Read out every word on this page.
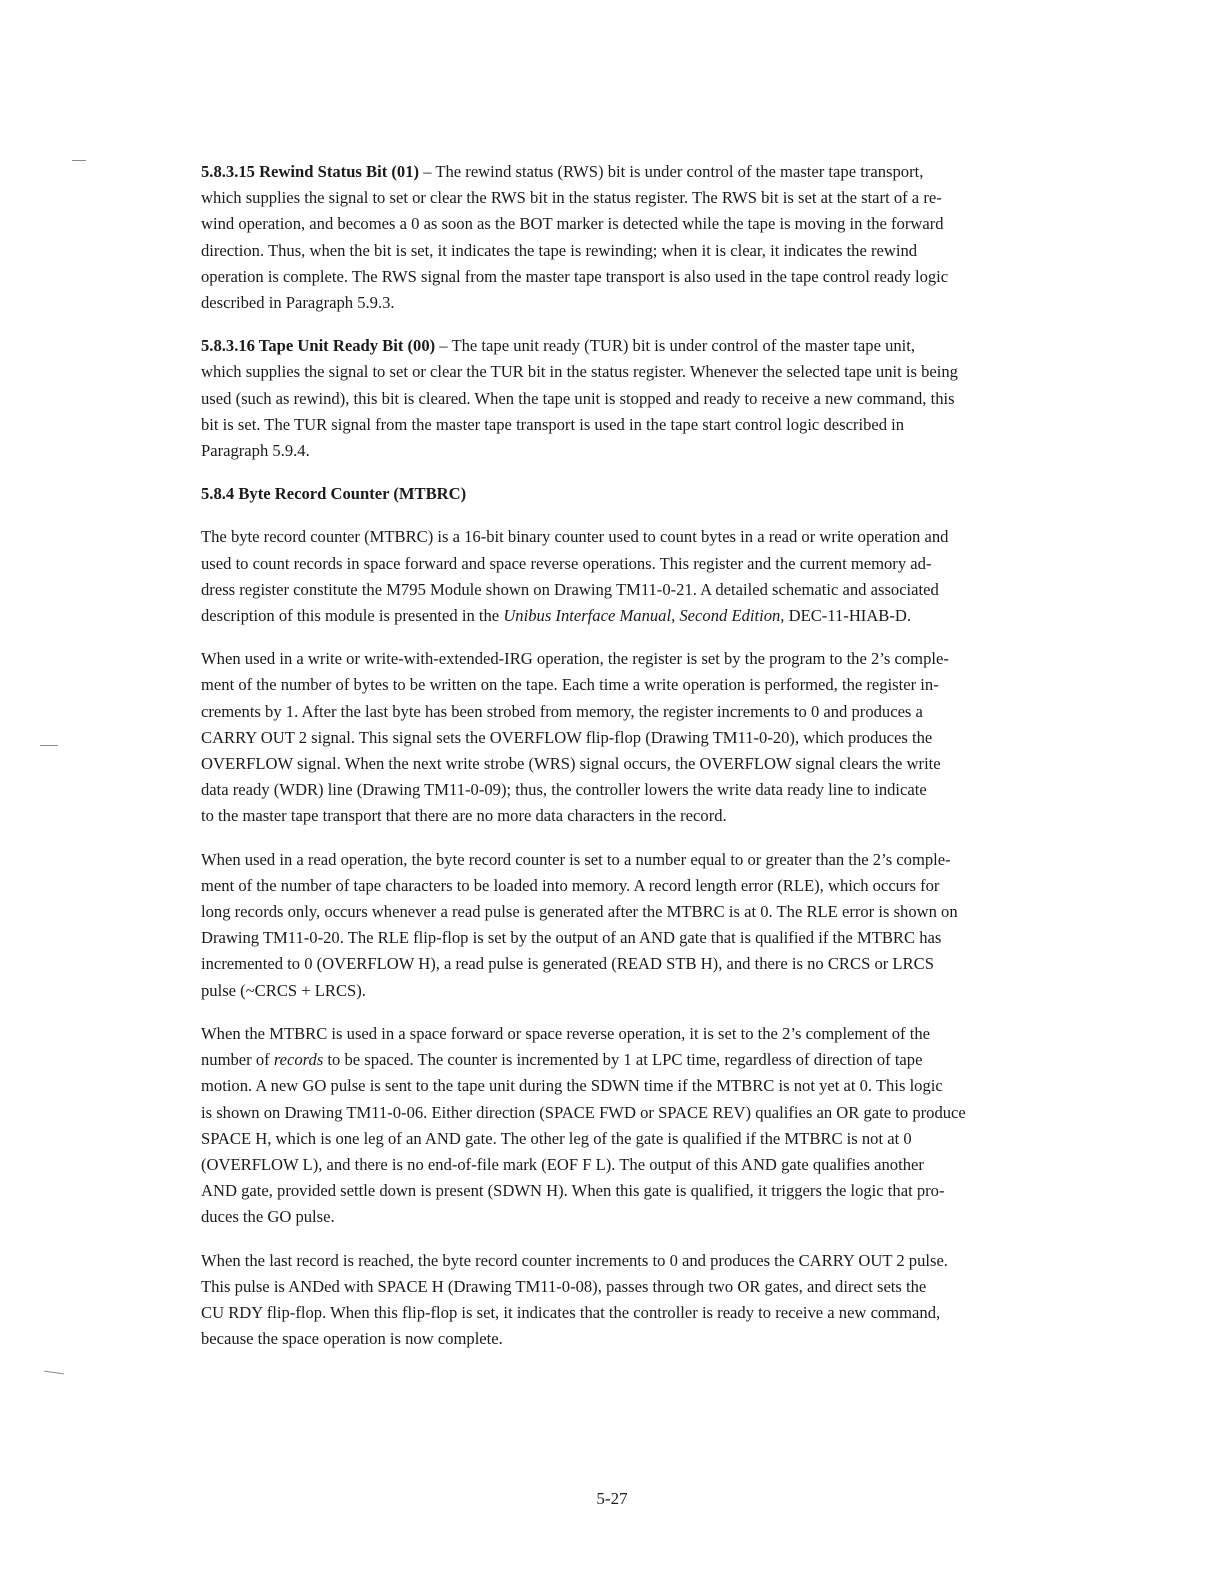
5.8.3.15 Rewind Status Bit (01) – The rewind status (RWS) bit is under control of the master tape transport,
which supplies the signal to set or clear the RWS bit in the status register. The RWS bit is set at the start of a re-
wind operation, and becomes a 0 as soon as the BOT marker is detected while the tape is moving in the forward
direction. Thus, when the bit is set, it indicates the tape is rewinding; when it is clear, it indicates the rewind
operation is complete. The RWS signal from the master tape transport is also used in the tape control ready logic
described in Paragraph 5.9.3.

5.8.3.16 Tape Unit Ready Bit (00) – The tape unit ready (TUR) bit is under control of the master tape unit,
which supplies the signal to set or clear the TUR bit in the status register. Whenever the selected tape unit is being
used (such as rewind), this bit is cleared. When the tape unit is stopped and ready to receive a new command, this
bit is set. The TUR signal from the master tape transport is used in the tape start control logic described in
Paragraph 5.9.4.

5.8.4 Byte Record Counter (MTBRC)

The byte record counter (MTBRC) is a 16-bit binary counter used to count bytes in a read or write operation and
used to count records in space forward and space reverse operations. This register and the current memory ad-
dress register constitute the M795 Module shown on Drawing TM11-0-21. A detailed schematic and associated
description of this module is presented in the Unibus Interface Manual, Second Edition, DEC-11-HIAB-D.

When used in a write or write-with-extended-IRG operation, the register is set by the program to the 2’s comple-
ment of the number of bytes to be written on the tape. Each time a write operation is performed, the register in-
crements by 1. After the last byte has been strobed from memory, the register increments to 0 and produces a
CARRY OUT 2 signal. This signal sets the OVERFLOW flip-flop (Drawing TM11-0-20), which produces the
OVERFLOW signal. When the next write strobe (WRS) signal occurs, the OVERFLOW signal clears the write
data ready (WDR) line (Drawing TM11-0-09); thus, the controller lowers the write data ready line to indicate
to the master tape transport that there are no more data characters in the record.

When used in a read operation, the byte record counter is set to a number equal to or greater than the 2’s comple-
ment of the number of tape characters to be loaded into memory. A record length error (RLE), which occurs for
long records only, occurs whenever a read pulse is generated after the MTBRC is at 0. The RLE error is shown on
Drawing TM11-0-20. The RLE flip-flop is set by the output of an AND gate that is qualified if the MTBRC has
incremented to 0 (OVERFLOW H), a read pulse is generated (READ STB H), and there is no CRCS or LRCS
pulse (~CRCS + LRCS).

When the MTBRC is used in a space forward or space reverse operation, it is set to the 2’s complement of the
number of records to be spaced. The counter is incremented by 1 at LPC time, regardless of direction of tape
motion. A new GO pulse is sent to the tape unit during the SDWN time if the MTBRC is not yet at 0. This logic
is shown on Drawing TM11-0-06. Either direction (SPACE FWD or SPACE REV) qualifies an OR gate to produce
SPACE H, which is one leg of an AND gate. The other leg of the gate is qualified if the MTBRC is not at 0
(OVERFLOW L), and there is no end-of-file mark (EOF F L). The output of this AND gate qualifies another
AND gate, provided settle down is present (SDWN H). When this gate is qualified, it triggers the logic that pro-
duces the GO pulse.

When the last record is reached, the byte record counter increments to 0 and produces the CARRY OUT 2 pulse.
This pulse is ANDed with SPACE H (Drawing TM11-0-08), passes through two OR gates, and direct sets the
CU RDY flip-flop. When this flip-flop is set, it indicates that the controller is ready to receive a new command,
because the space operation is now complete.

5-27
